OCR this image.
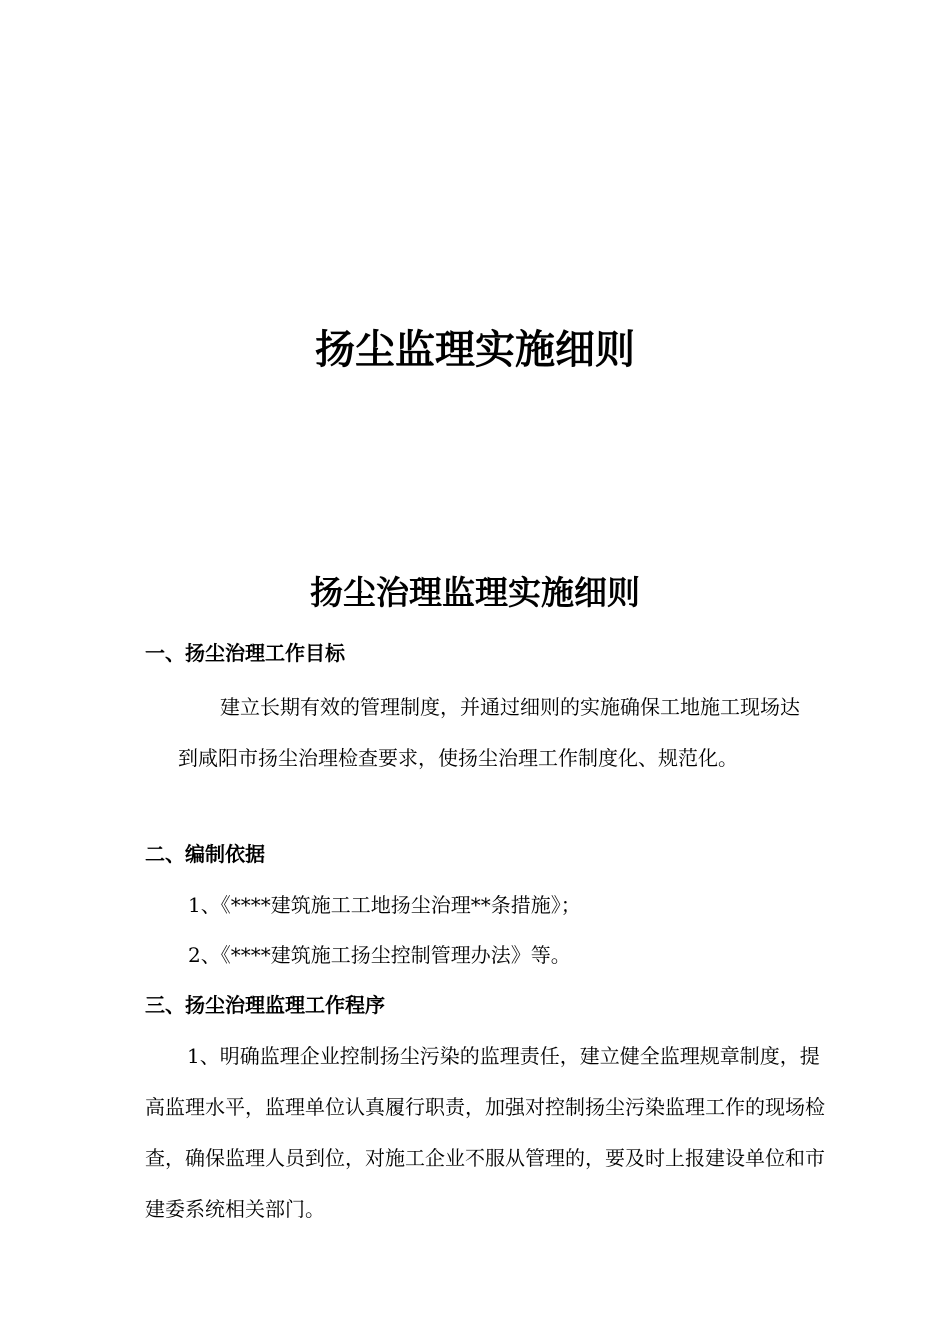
扬尘监理实施细则
扬尘治理监理实施细则
一、扬尘治理工作目标

建立长期有效的管理制度，并通过细则的实施确保工地施工现场达到咸阳市扬尘治理检查要求，使扬尘治理工作制度化、规范化。

二、编制依据

1、《****建筑施工工地扬尘治理**条措施》；

2、《****建筑施工扬尘控制管理办法》等。

三、扬尘治理监理工作程序

1、明确监理企业控制扬尘污染的监理责任，建立健全监理规章制度，提高监理水平，监理单位认真履行职责，加强对控制扬尘污染监理工作的现场检查，确保监理人员到位，对施工企业不服从管理的，要及时上报建设单位和市建委系统相关部门。
